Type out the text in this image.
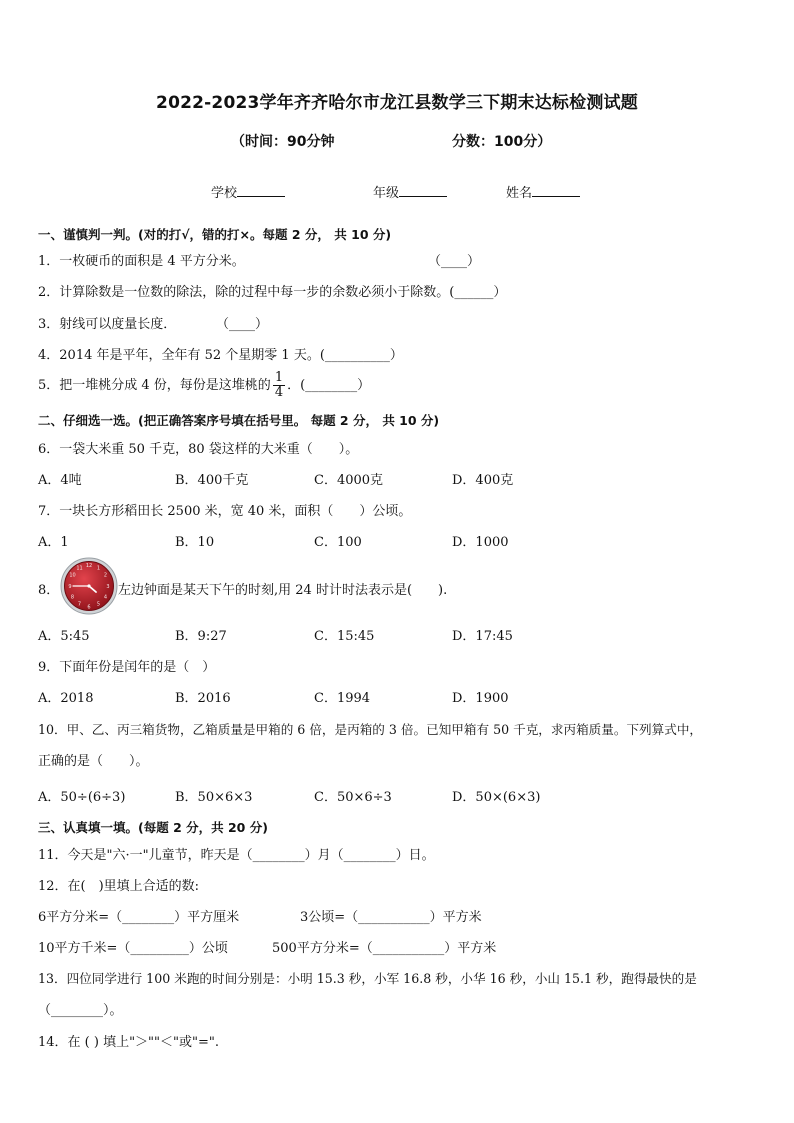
2022-2023学年齐齐哈尔市龙江县数学三下期末达标检测试题
（时间：90分钟	分数：100分）
学校	年级	姓名
一、谨慎判一判。(对的打√，错的打×。每题 2 分， 共 10 分)
1．一枚硬币的面积是 4 平方分米。	（____）
2．计算除数是一位数的除法，除的过程中每一步的余数必须小于除数。(______）
3．射线可以度量长度．	（____）
4．2014 年是平年，全年有 52 个星期零 1 天。(__________）
5．把一堆桃分成 4 份，每份是这堆桃的 $\frac{1}{4}$ ．(________）
二、仔细选一选。(把正确答案序号填在括号里。 每题 2 分， 共 10 分)
6．一袋大米重 50 千克，80 袋这样的大米重（　　）。
A．4吨	B．400千克	C．4000克	D．400克
7．一块长方形稻田长 2500 米，宽 40 米，面积（　　）公顷。
A．1	B．10	C．100	D．1000
8．
12 1
2
3
4
5
6
7
8
9
10
11
左边钟面是某天下午的时刻,用 24 时计时法表示是(　　).
A．5:45	B．9:27	C．15:45	D．17:45
9．下面年份是闰年的是（　）
A．2018	B．2016	C．1994	D．1900
10．甲、乙、丙三箱货物，乙箱质量是甲箱的 6 倍，是丙箱的 3 倍。已知甲箱有 50 千克，求丙箱质量。下列算式中，
正确的是（　　）。
A．50÷(6÷3)	B．50×6×3	C．50×6÷3	D．50×(6×3)
三、认真填一填。(每题 2 分，共 20 分)
11．今天是"六·一"儿童节，昨天是（________）月（________）日。
12．在(　)里填上合适的数:
6平方分米=（________）平方厘米	3公顷=（___________）平方米
10平方千米=（_________）公顷	500平方分米=（___________）平方米
13．四位同学进行 100 米跑的时间分别是：小明 15.3 秒，小军 16.8 秒，小华 16 秒，小山 15.1 秒，跑得最快的是
（________）。
14．在 ( ) 填上"＞""＜"或"=".
